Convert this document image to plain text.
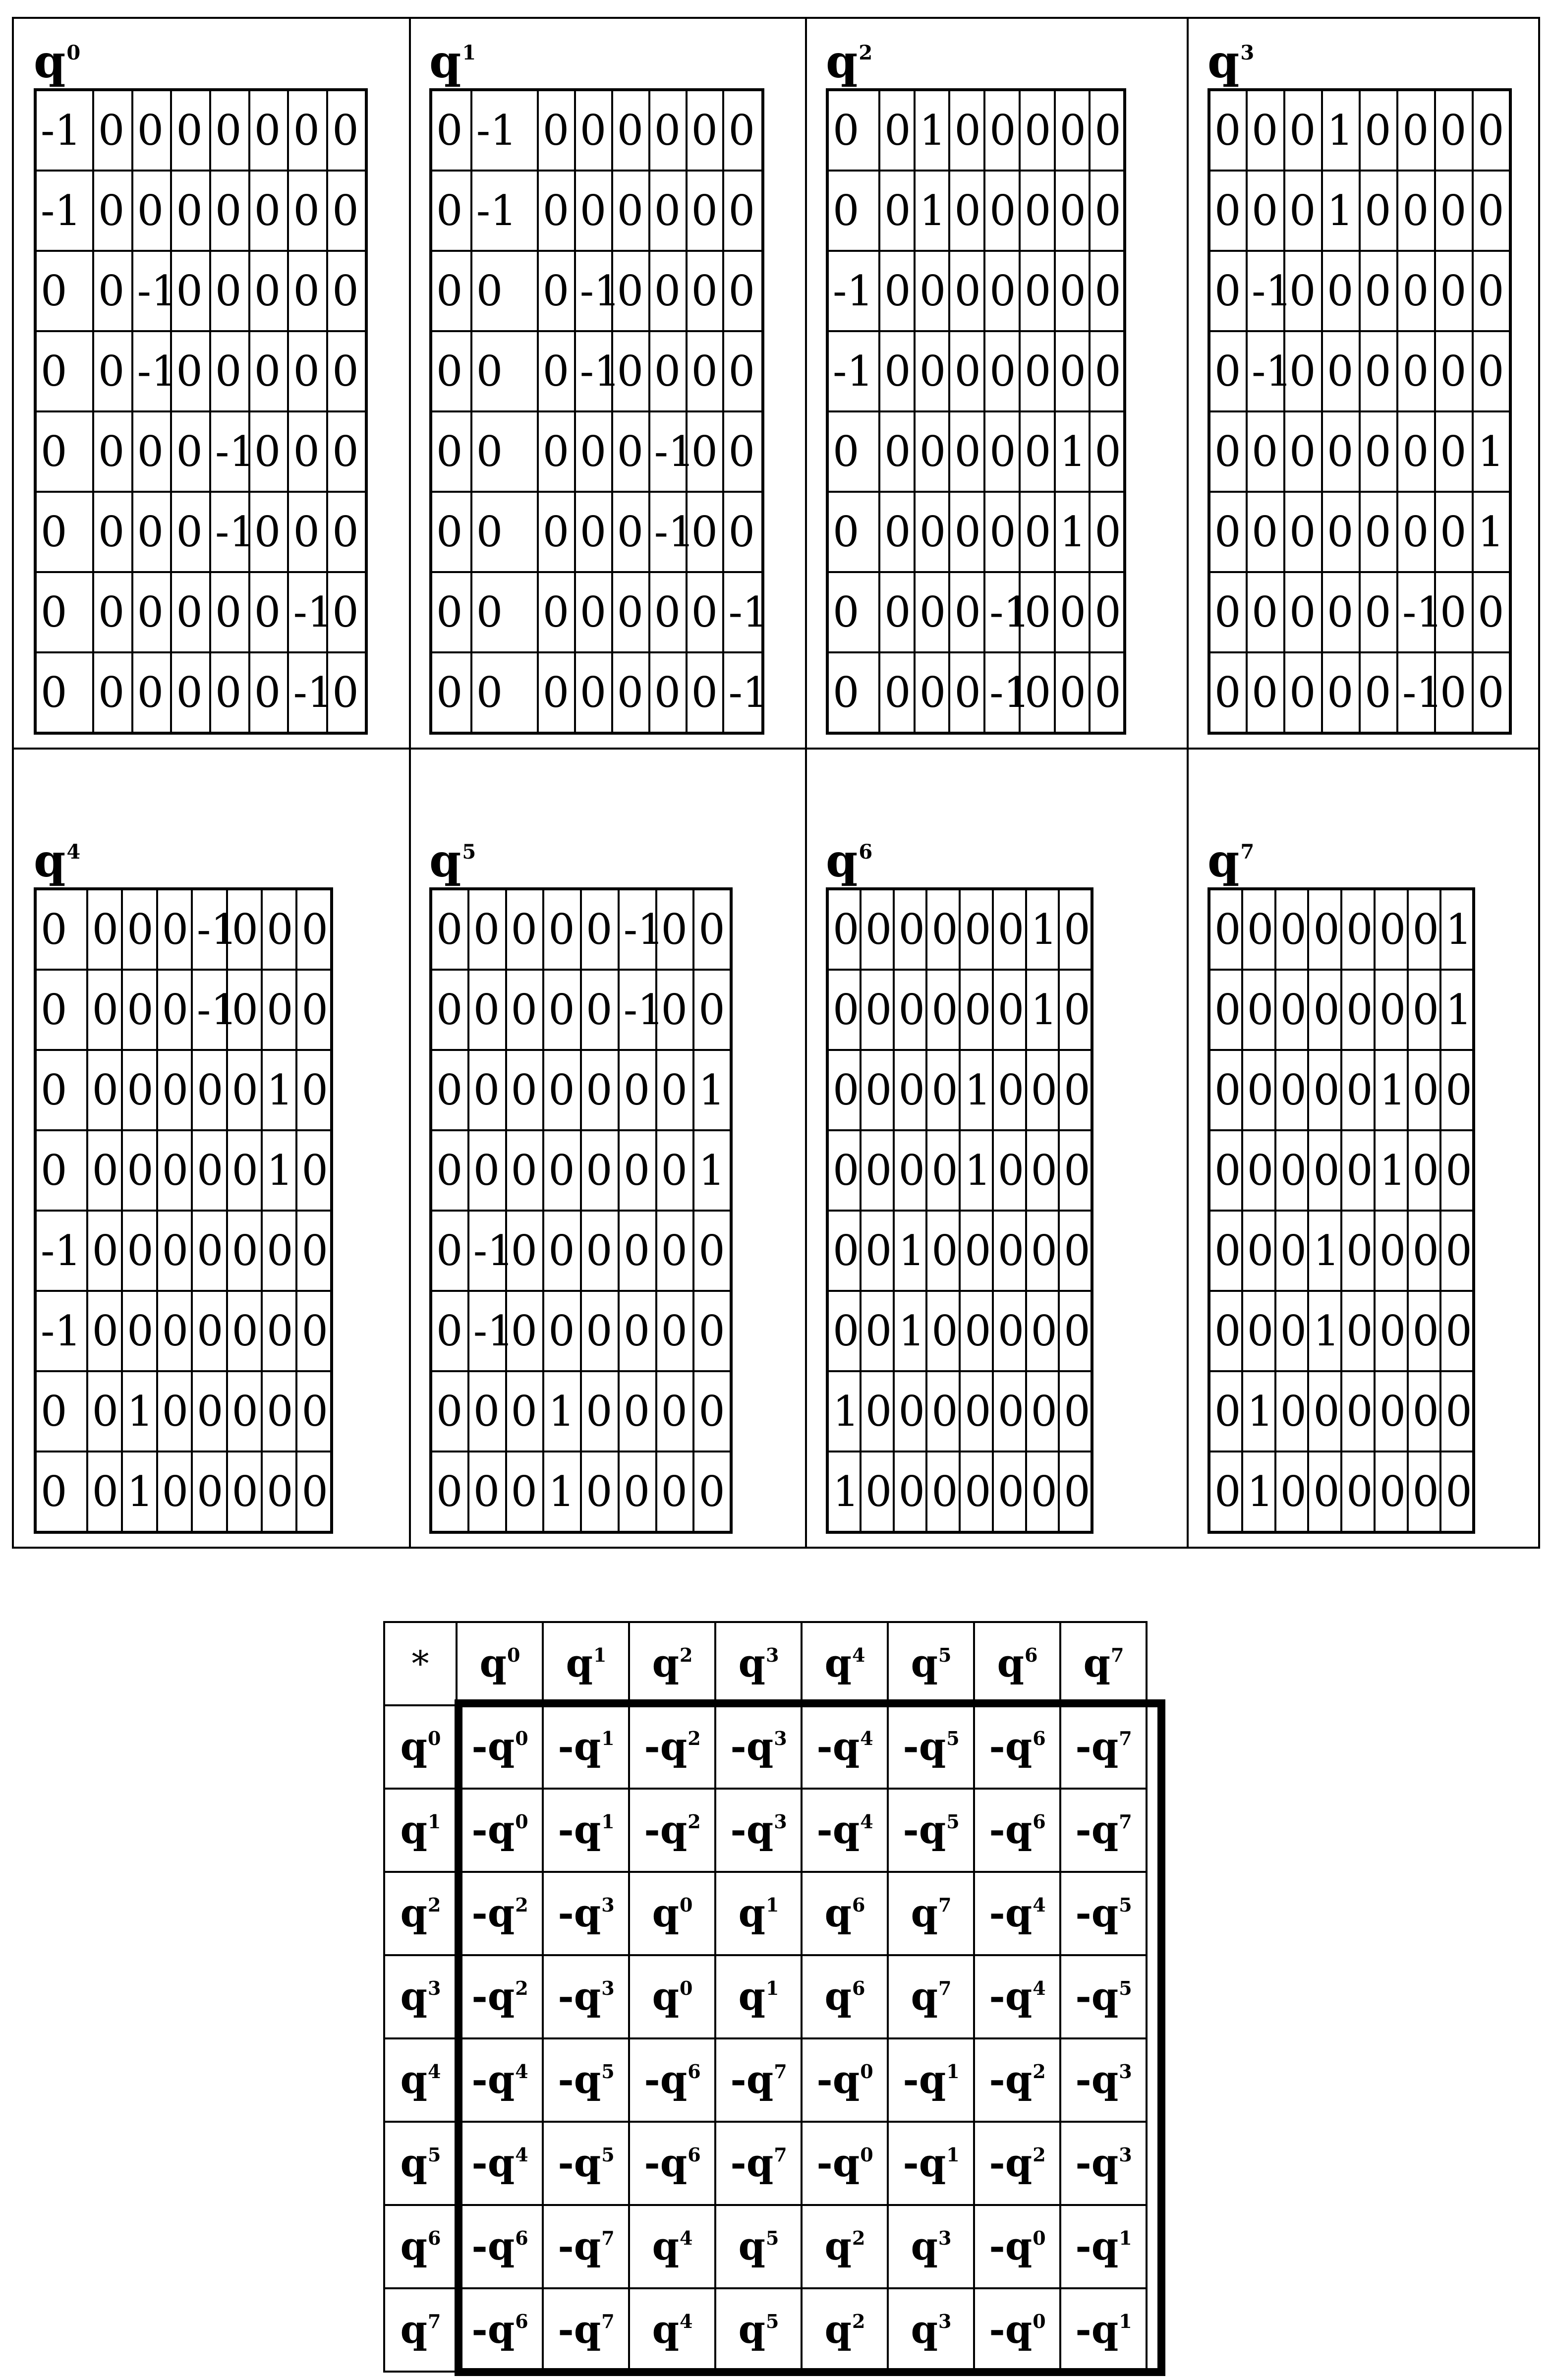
$q_0$
-1	0	0	0	0	0	0	0
-1	0	0	0	0	0	0	0
0	0	-1	0	0	0	0	0
0	0	-1	0	0	0	0	0
0	0	0	0	-1	0	0	0
0	0	0	0	-1	0	0	0
0	0	0	0	0	0	-1	0
0	0	0	0	0	0	-1	0
$q_1$
0	-1	0	0	0	0	0	0
0	-1	0	0	0	0	0	0
0	0	0	-1	0	0	0	0
0	0	0	-1	0	0	0	0
0	0	0	0	0	-1	0	0
0	0	0	0	0	-1	0	0
0	0	0	0	0	0	0	-1
0	0	0	0	0	0	0	-1
$q_2$
0	0	1	0	0	0	0	0
0	0	1	0	0	0	0	0
-1	0	0	0	0	0	0	0
-1	0	0	0	0	0	0	0
0	0	0	0	0	0	1	0
0	0	0	0	0	0	1	0
0	0	0	0	-1	0	0	0
0	0	0	0	-1	0	0	0
$q_3$
0	0	0	1	0	0	0	0
0	0	0	1	0	0	0	0
0	-1	0	0	0	0	0	0
0	-1	0	0	0	0	0	0
0	0	0	0	0	0	0	1
0	0	0	0	0	0	0	1
0	0	0	0	0	-1	0	0
0	0	0	0	0	-1	0	0
$q_4$
0	0	0	0	-1	0	0	0
0	0	0	0	-1	0	0	0
0	0	0	0	0	0	1	0
0	0	0	0	0	0	1	0
-1	0	0	0	0	0	0	0
-1	0	0	0	0	0	0	0
0	0	1	0	0	0	0	0
0	0	1	0	0	0	0	0
$q_5$
0	0	0	0	0	-1	0	0
0	0	0	0	0	-1	0	0
0	0	0	0	0	0	0	1
0	0	0	0	0	0	0	1
0	-1	0	0	0	0	0	0
0	-1	0	0	0	0	0	0
0	0	0	1	0	0	0	0
0	0	0	1	0	0	0	0
$q_6$
0	0	0	0	0	0	1	0
0	0	0	0	0	0	1	0
0	0	0	0	1	0	0	0
0	0	0	0	1	0	0	0
0	0	1	0	0	0	0	0
0	0	1	0	0	0	0	0
1	0	0	0	0	0	0	0
1	0	0	0	0	0	0	0
$q_7$
0	0	0	0	0	0	0	1
0	0	0	0	0	0	0	1
0	0	0	0	0	1	0	0
0	0	0	0	0	1	0	0
0	0	0	1	0	0	0	0
0	0	0	1	0	0	0	0
0	1	0	0	0	0	0	0
0	1	0	0	0	0	0	0
*	$q_0$	$q_1$	$q_2$	$q_3$	$q_4$	$q_5$	$q_6$	$q_7$
$q_0$	$-q_0$	$-q_1$	$-q_2$	$-q_3$	$-q_4$	$-q_5$	$-q_6$	$-q_7$
$q_1$	$-q_0$	$-q_1$	$-q_2$	$-q_3$	$-q_4$	$-q_5$	$-q_6$	$-q_7$
$q_2$	$-q_2$	$-q_3$	$q_0$	$q_1$	$q_6$	$q_7$	$-q_4$	$-q_5$
$q_3$	$-q_2$	$-q_3$	$q_0$	$q_1$	$q_6$	$q_7$	$-q_4$	$-q_5$
$q_4$	$-q_4$	$-q_5$	$-q_6$	$-q_7$	$-q_0$	$-q_1$	$-q_2$	$-q_3$
$q_5$	$-q_4$	$-q_5$	$-q_6$	$-q_7$	$-q_0$	$-q_1$	$-q_2$	$-q_3$
$q_6$	$-q_6$	$-q_7$	$q_4$	$q_5$	$q_2$	$q_3$	$-q_0$	$-q_1$
$q_7$	$-q_6$	$-q_7$	$q_4$	$q_5$	$q_2$	$q_3$	$-q_0$	$-q_1$
